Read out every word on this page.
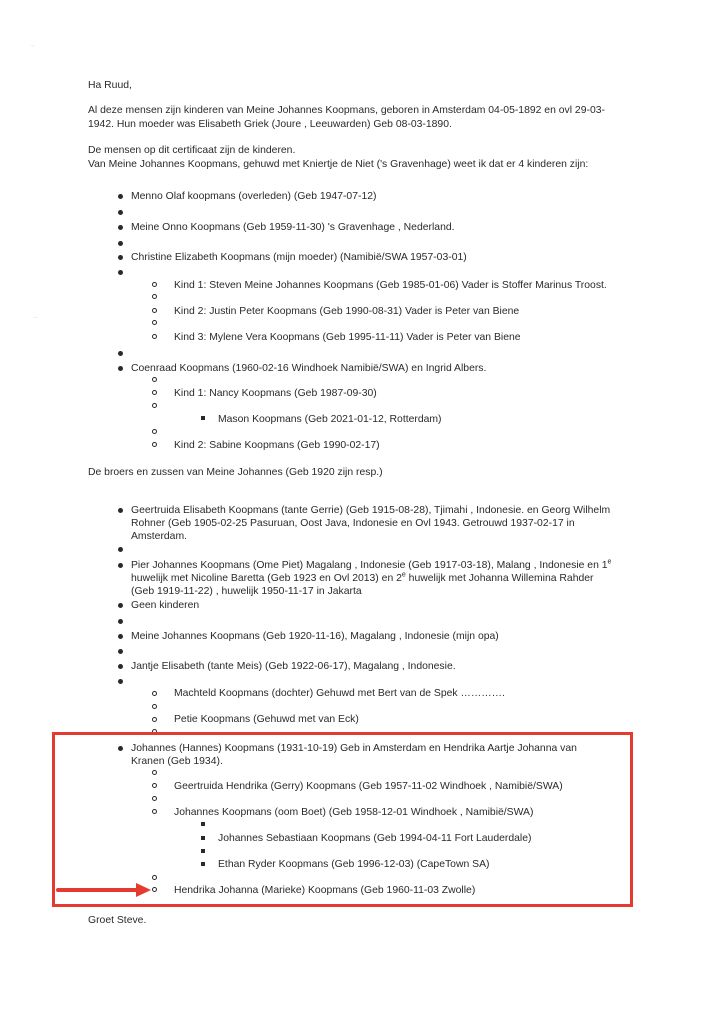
·.·
·-
Ha Ruud,
Al deze mensen zijn kinderen van Meine Johannes Koopmans, geboren in Amsterdam 04-05-1892 en ovl 29-03-
1942. Hun moeder was Elisabeth Griek (Joure , Leeuwarden) Geb 08-03-1890.
De mensen op dit certificaat zijn de kinderen.
Van Meine Johannes Koopmans, gehuwd met Kniertje de Niet ('s Gravenhage) weet ik dat er 4 kinderen zijn:
Menno Olaf koopmans (overleden) (Geb 1947-07-12)
Meine Onno Koopmans (Geb 1959-11-30) 's Gravenhage , Nederland.
Christine Elizabeth Koopmans (mijn moeder) (Namibië/SWA 1957-03-01)
Kind 1: Steven Meine Johannes Koopmans (Geb 1985-01-06) Vader is Stoffer Marinus Troost.
Kind 2: Justin Peter Koopmans (Geb 1990-08-31) Vader is Peter van Biene
Kind 3: Mylene Vera Koopmans (Geb 1995-11-11) Vader is Peter van Biene
Coenraad Koopmans (1960-02-16 Windhoek Namibië/SWA) en Ingrid Albers.
Kind 1: Nancy Koopmans (Geb 1987-09-30)
Mason Koopmans (Geb 2021-01-12, Rotterdam)
Kind 2: Sabine Koopmans (Geb 1990-02-17)
De broers en zussen van Meine Johannes (Geb 1920 zijn resp.)
Geertruida Elisabeth Koopmans (tante Gerrie) (Geb 1915-08-28), Tjimahi , Indonesie. en Georg Wilhelm
Rohner (Geb 1905-02-25 Pasuruan, Oost Java, Indonesie en Ovl 1943. Getrouwd 1937-02-17 in
Amsterdam.
Pier Johannes Koopmans (Ome Piet) Magalang , Indonesie (Geb 1917-03-18), Malang , Indonesie en 1e
huwelijk met Nicoline Baretta (Geb 1923 en Ovl 2013) en 2e huwelijk met Johanna Willemina Rahder
(Geb 1919-11-22) , huwelijk 1950-11-17 in Jakarta
Geen kinderen
Meine Johannes Koopmans (Geb 1920-11-16), Magalang , Indonesie (mijn opa)
Jantje Elisabeth (tante Meis) (Geb 1922-06-17), Magalang , Indonesie.
Machteld Koopmans (dochter) Gehuwd met Bert van de Spek ………….
Petie Koopmans (Gehuwd met van Eck)
Johannes (Hannes) Koopmans (1931-10-19) Geb in Amsterdam en Hendrika Aartje Johanna van
Kranen (Geb 1934).
Geertruida Hendrika (Gerry) Koopmans (Geb 1957-11-02 Windhoek , Namibië/SWA)
Johannes Koopmans (oom Boet) (Geb 1958-12-01 Windhoek , Namibië/SWA)
Johannes Sebastiaan Koopmans (Geb 1994-04-11 Fort Lauderdale)
Ethan Ryder Koopmans (Geb 1996-12-03) (CapeTown SA)
Hendrika Johanna (Marieke) Koopmans (Geb 1960-11-03 Zwolle)
Groet Steve.
